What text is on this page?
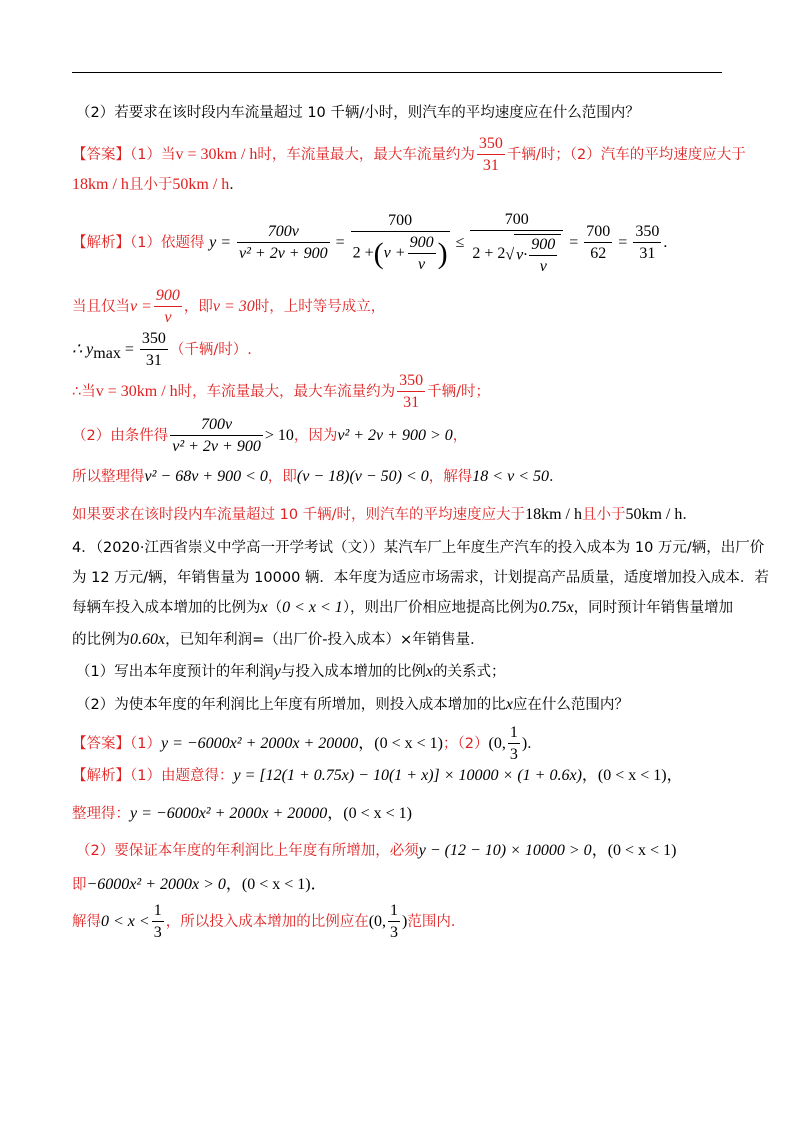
（2）若要求在该时段内车流量超过 10 千辆/小时，则汽车的平均速度应在什么范围内？
【答案】（1）当v = 30km / h时，车流量最大，最大车流量约为 $\frac{350}{31}$ 千辆/时；（2）汽车的平均速度应大于
18km / h且小于50km / h．
【解析】（1）依题得 $y = \frac{700v}{\text{v² + 2v + 900}} = \frac{700}{2 +(v + \frac{900}{v} )} \le \frac{700}{2 + 2√ v\cdot \frac{900}{v}} = \frac{700}{62} = \frac{350}{31}$ .
当且仅当$v = \frac{900}{v}$ ，即v = 30时，上时等号成立，
∴ $y_{max} = \frac{350}{31}$ （千辆/时）.
∴当v = 30km / h时，车流量最大，最大车流量约为 $\frac{350}{31}$ 千辆/时；
（2）由条件得 $\frac{700v}{\text{v² + 2v + 900}} > 10$，因为v² + 2v + 900 > 0，
所以整理得v² − 68v + 900 < 0，即(v − 18)(v − 50) < 0，解得18 < v < 50．
如果要求在该时段内车流量超过 10 千辆/时，则汽车的平均速度应大于18km / h且小于50km / h．
4．（2020·江西省崇义中学高一开学考试（文））某汽车厂上年度生产汽车的投入成本为 10 万元/辆，出厂价
为 12 万元/辆，年销售量为 10000 辆．本年度为适应市场需求，计划提高产品质量，适度增加投入成本．若
每辆车投入成本增加的比例为x（0 < x < 1），则出厂价相应地提高比例为0.75x，同时预计年销售量增加
的比例为0.60x，已知年利润=（出厂价-投入成本）×年销售量．
（1）写出本年度预计的年利润y与投入成本增加的比例x的关系式；
（2）为使本年度的年利润比上年度有所增加，则投入成本增加的比x应在什么范围内？
【答案】（1）y = −6000x² + 2000x + 20000，(0 < x < 1)；（2）(0, $\frac{1}{3}$ )．
【解析】（1）由题意得：y = [12(1 + 0.75x) − 10(1 + x)] × 10000 × (1 + 0.6x)，(0 < x < 1)，
整理得：y = −6000x² + 2000x + 20000，(0 < x < 1)
（2）要保证本年度的年利润比上年度有所增加，必须y − (12 − 10) × 10000 > 0，(0 < x < 1)
即−6000x² + 2000x > 0，(0 < x < 1)．
解得$0 < x < \frac{1}{3}$ ，所以投入成本增加的比例应在(0, $\frac{1}{3}$ )范围内．
